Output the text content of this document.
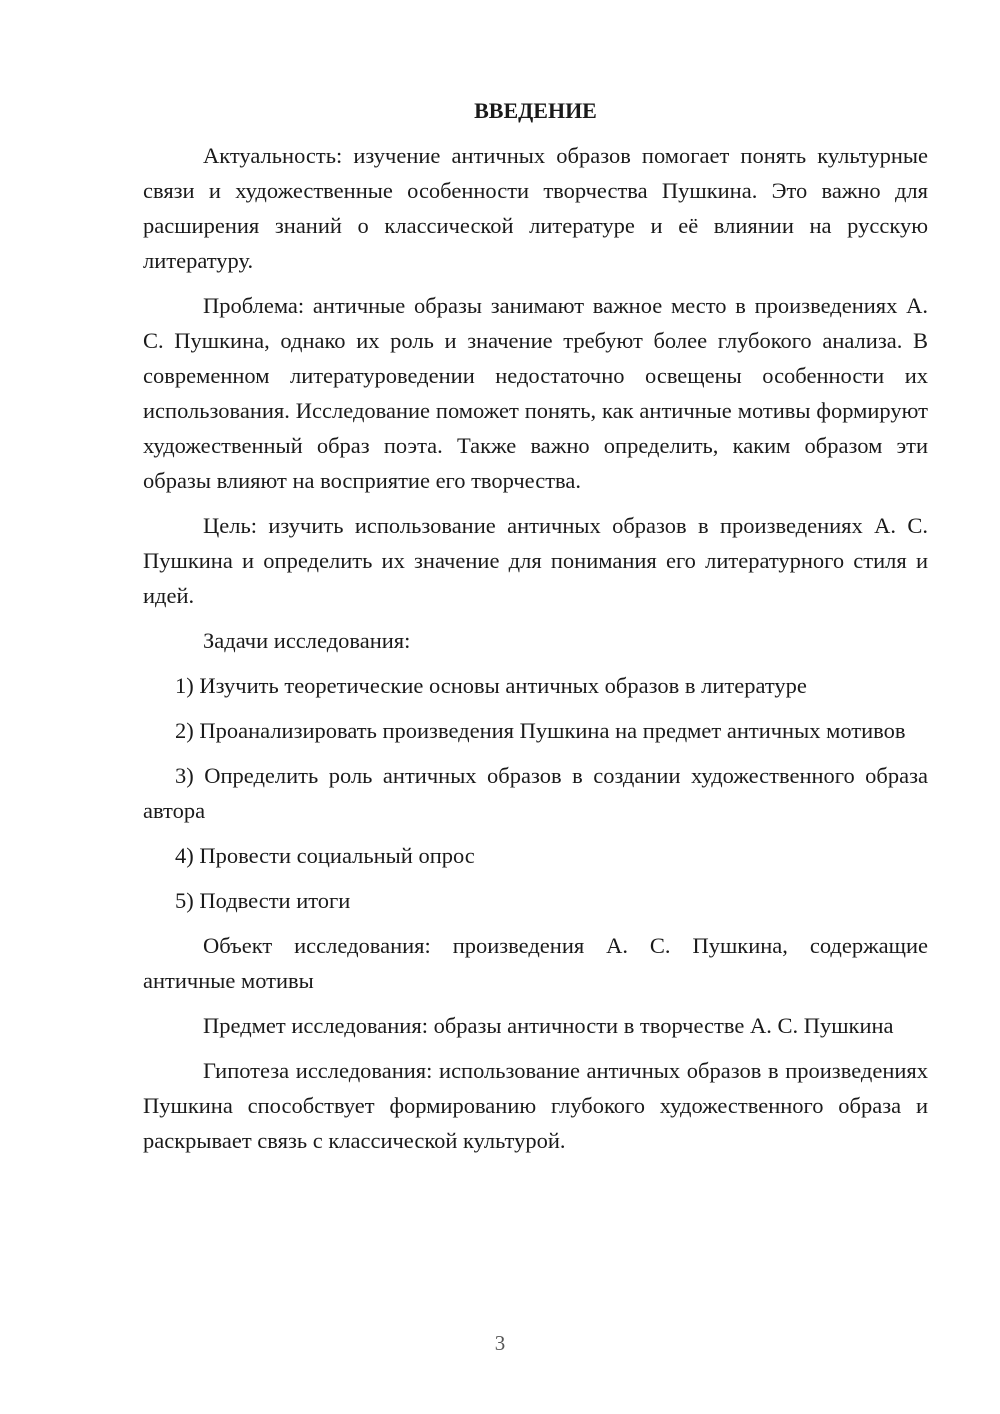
ВВЕДЕНИЕ

Актуальность: изучение античных образов помогает понять культурные связи и художественные особенности творчества Пушкина. Это важно для расширения знаний о классической литературе и её влиянии на русскую литературу.

Проблема: античные образы занимают важное место в произведениях А. С. Пушкина, однако их роль и значение требуют более глубокого анализа. В современном литературоведении недостаточно освещены особенности их использования. Исследование поможет понять, как античные мотивы формируют художественный образ поэта. Также важно определить, каким образом эти образы влияют на восприятие его творчества.

Цель: изучить использование античных образов в произведениях А. С. Пушкина и определить их значение для понимания его литературного стиля и идей.

Задачи исследования:

1) Изучить теоретические основы античных образов в литературе

2) Проанализировать произведения Пушкина на предмет античных мотивов

3) Определить роль античных образов в создании художественного образа автора

4) Провести социальный опрос

5) Подвести итоги

Объект исследования: произведения А. С. Пушкина, содержащие античные мотивы

Предмет исследования: образы античности в творчестве А. С. Пушкина

Гипотеза исследования: использование античных образов в произведениях Пушкина способствует формированию глубокого художественного образа и раскрывает связь с классической культурой.

3
